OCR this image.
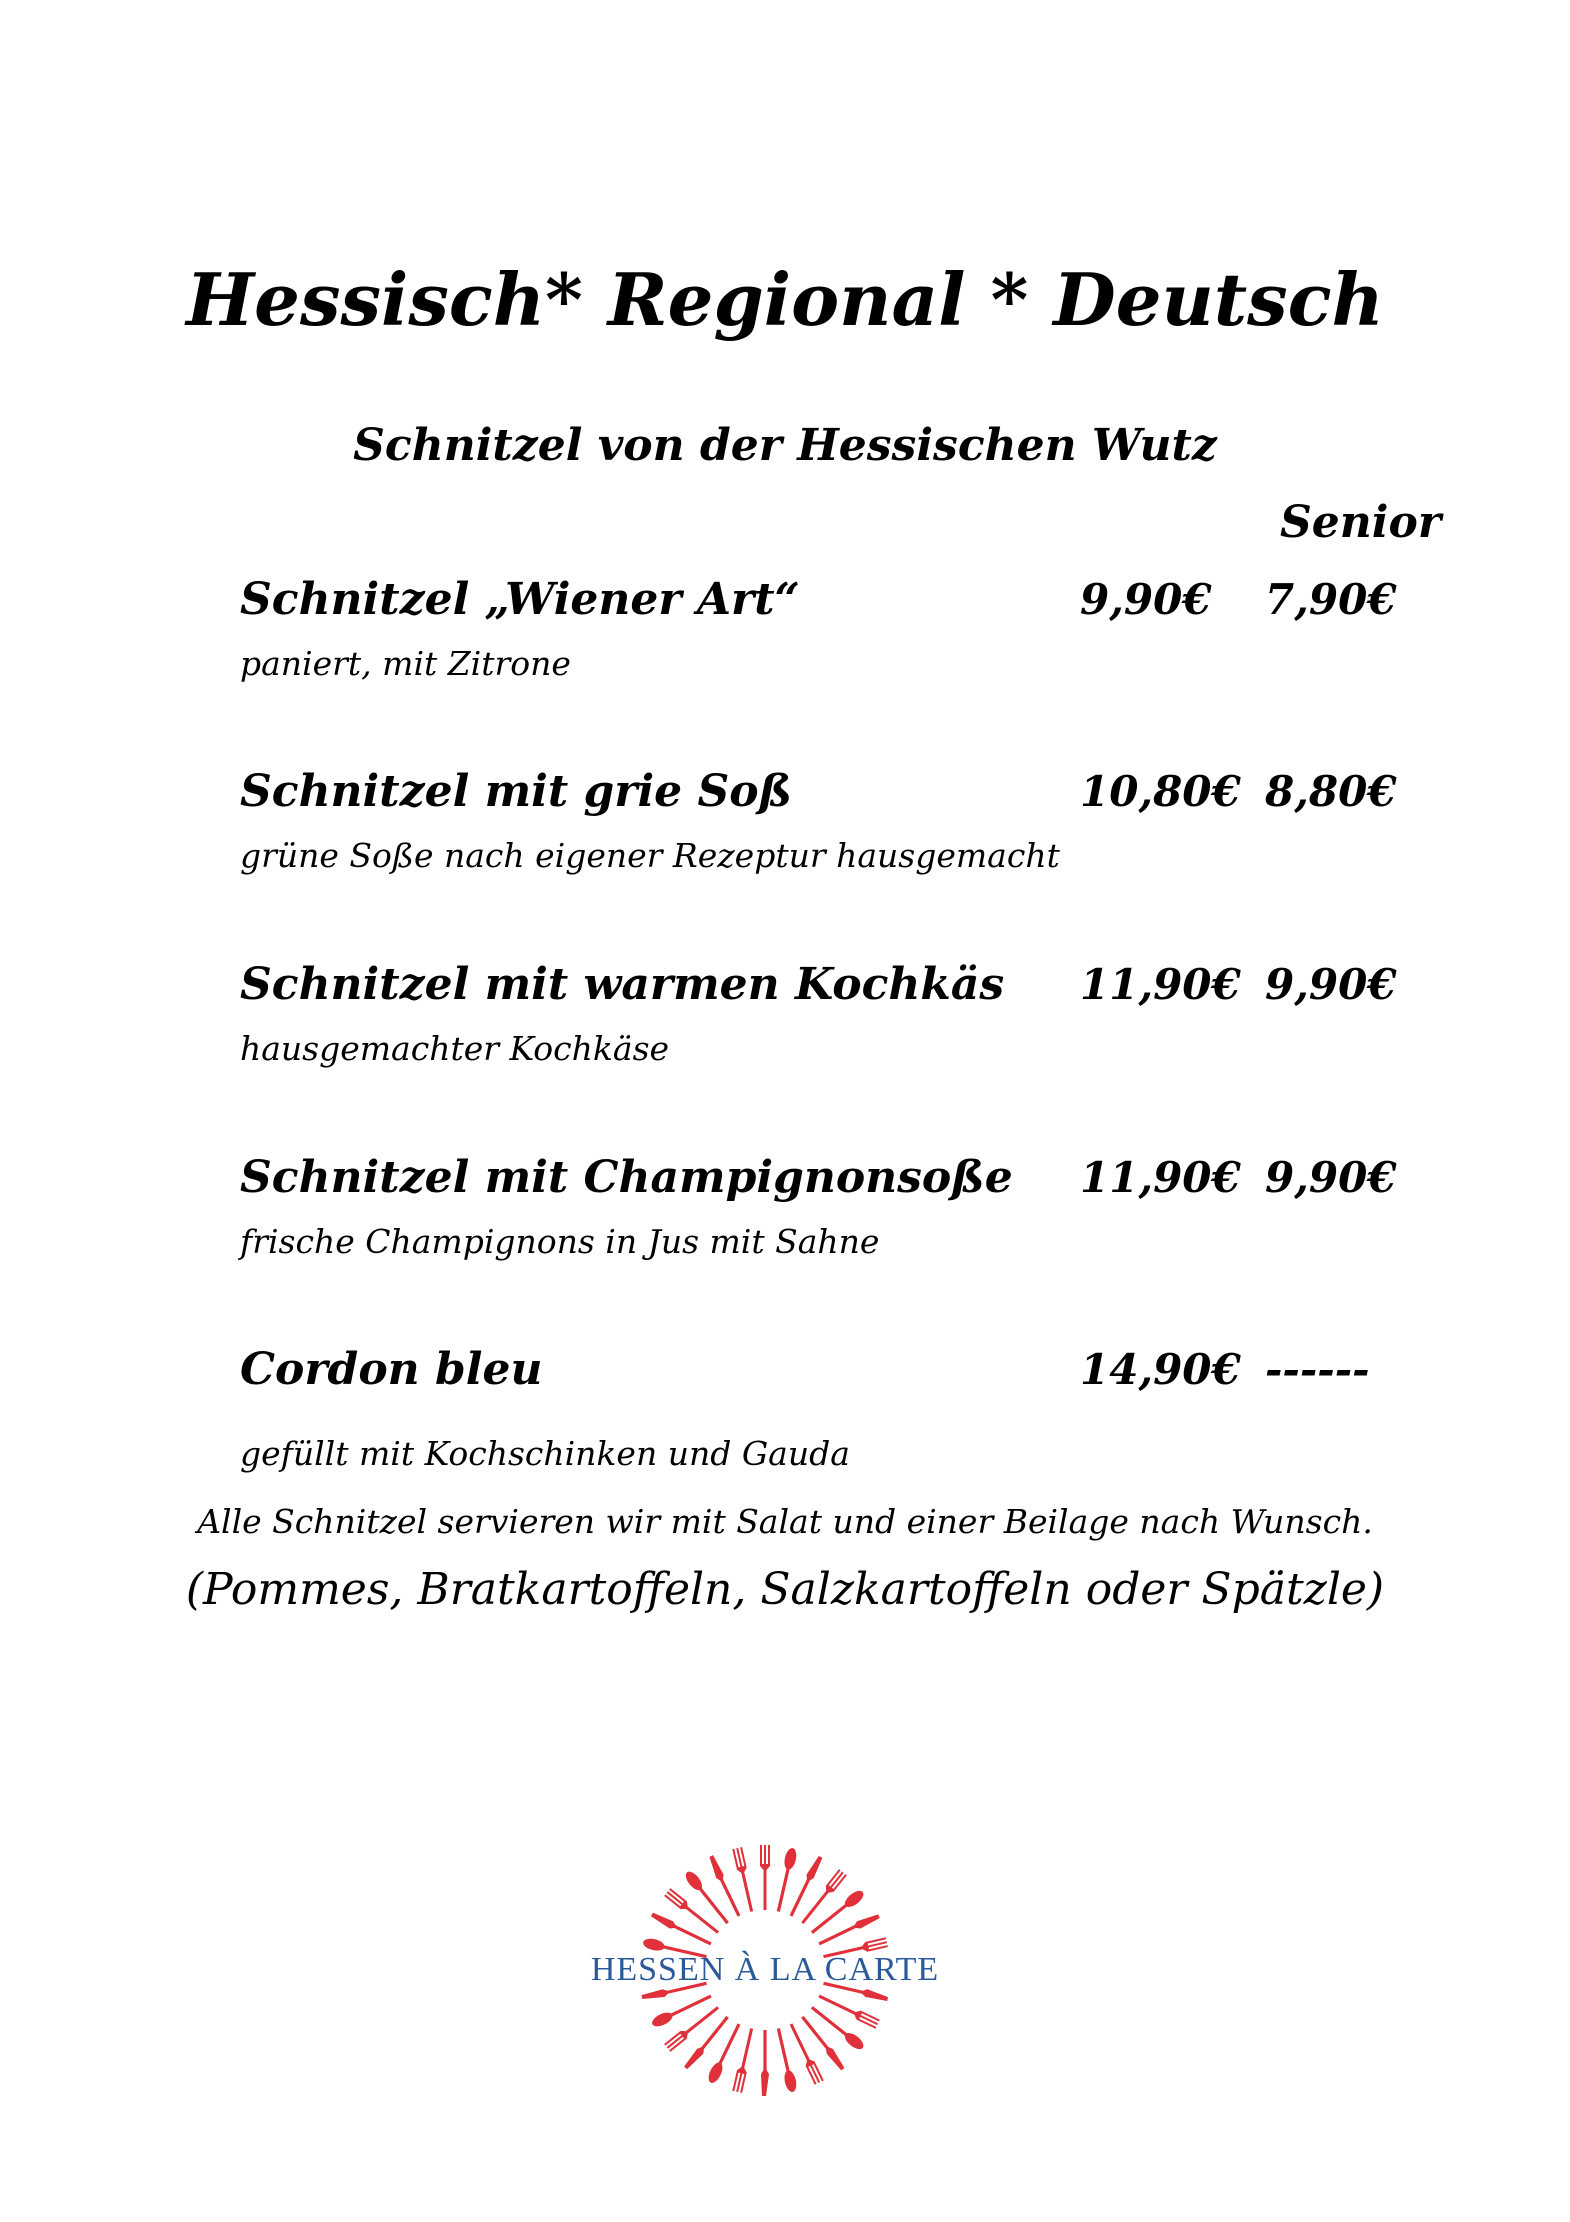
Hessisch* Regional * Deutsch
Schnitzel von der Hessischen Wutz
Senior
Schnitzel „Wiener Art“	9,90€ 7,90€
paniert, mit Zitrone
Schnitzel mit grie Soß	10,80€ 8,80€
grüne Soße nach eigener Rezeptur hausgemacht
Schnitzel mit warmen Kochkäs 11,90€ 9,90€
hausgemachter Kochkäse
Schnitzel mit Champignonsoße 11,90€ 9,90€
frische Champignons in Jus mit Sahne
Cordon bleu	14,90€ ------
gefüllt mit Kochschinken und Gauda
Alle Schnitzel servieren wir mit Salat und einer Beilage nach Wunsch.
(Pommes, Bratkartoffeln, Salzkartoffeln oder Spätzle)
HESSEN À LA CARTE
